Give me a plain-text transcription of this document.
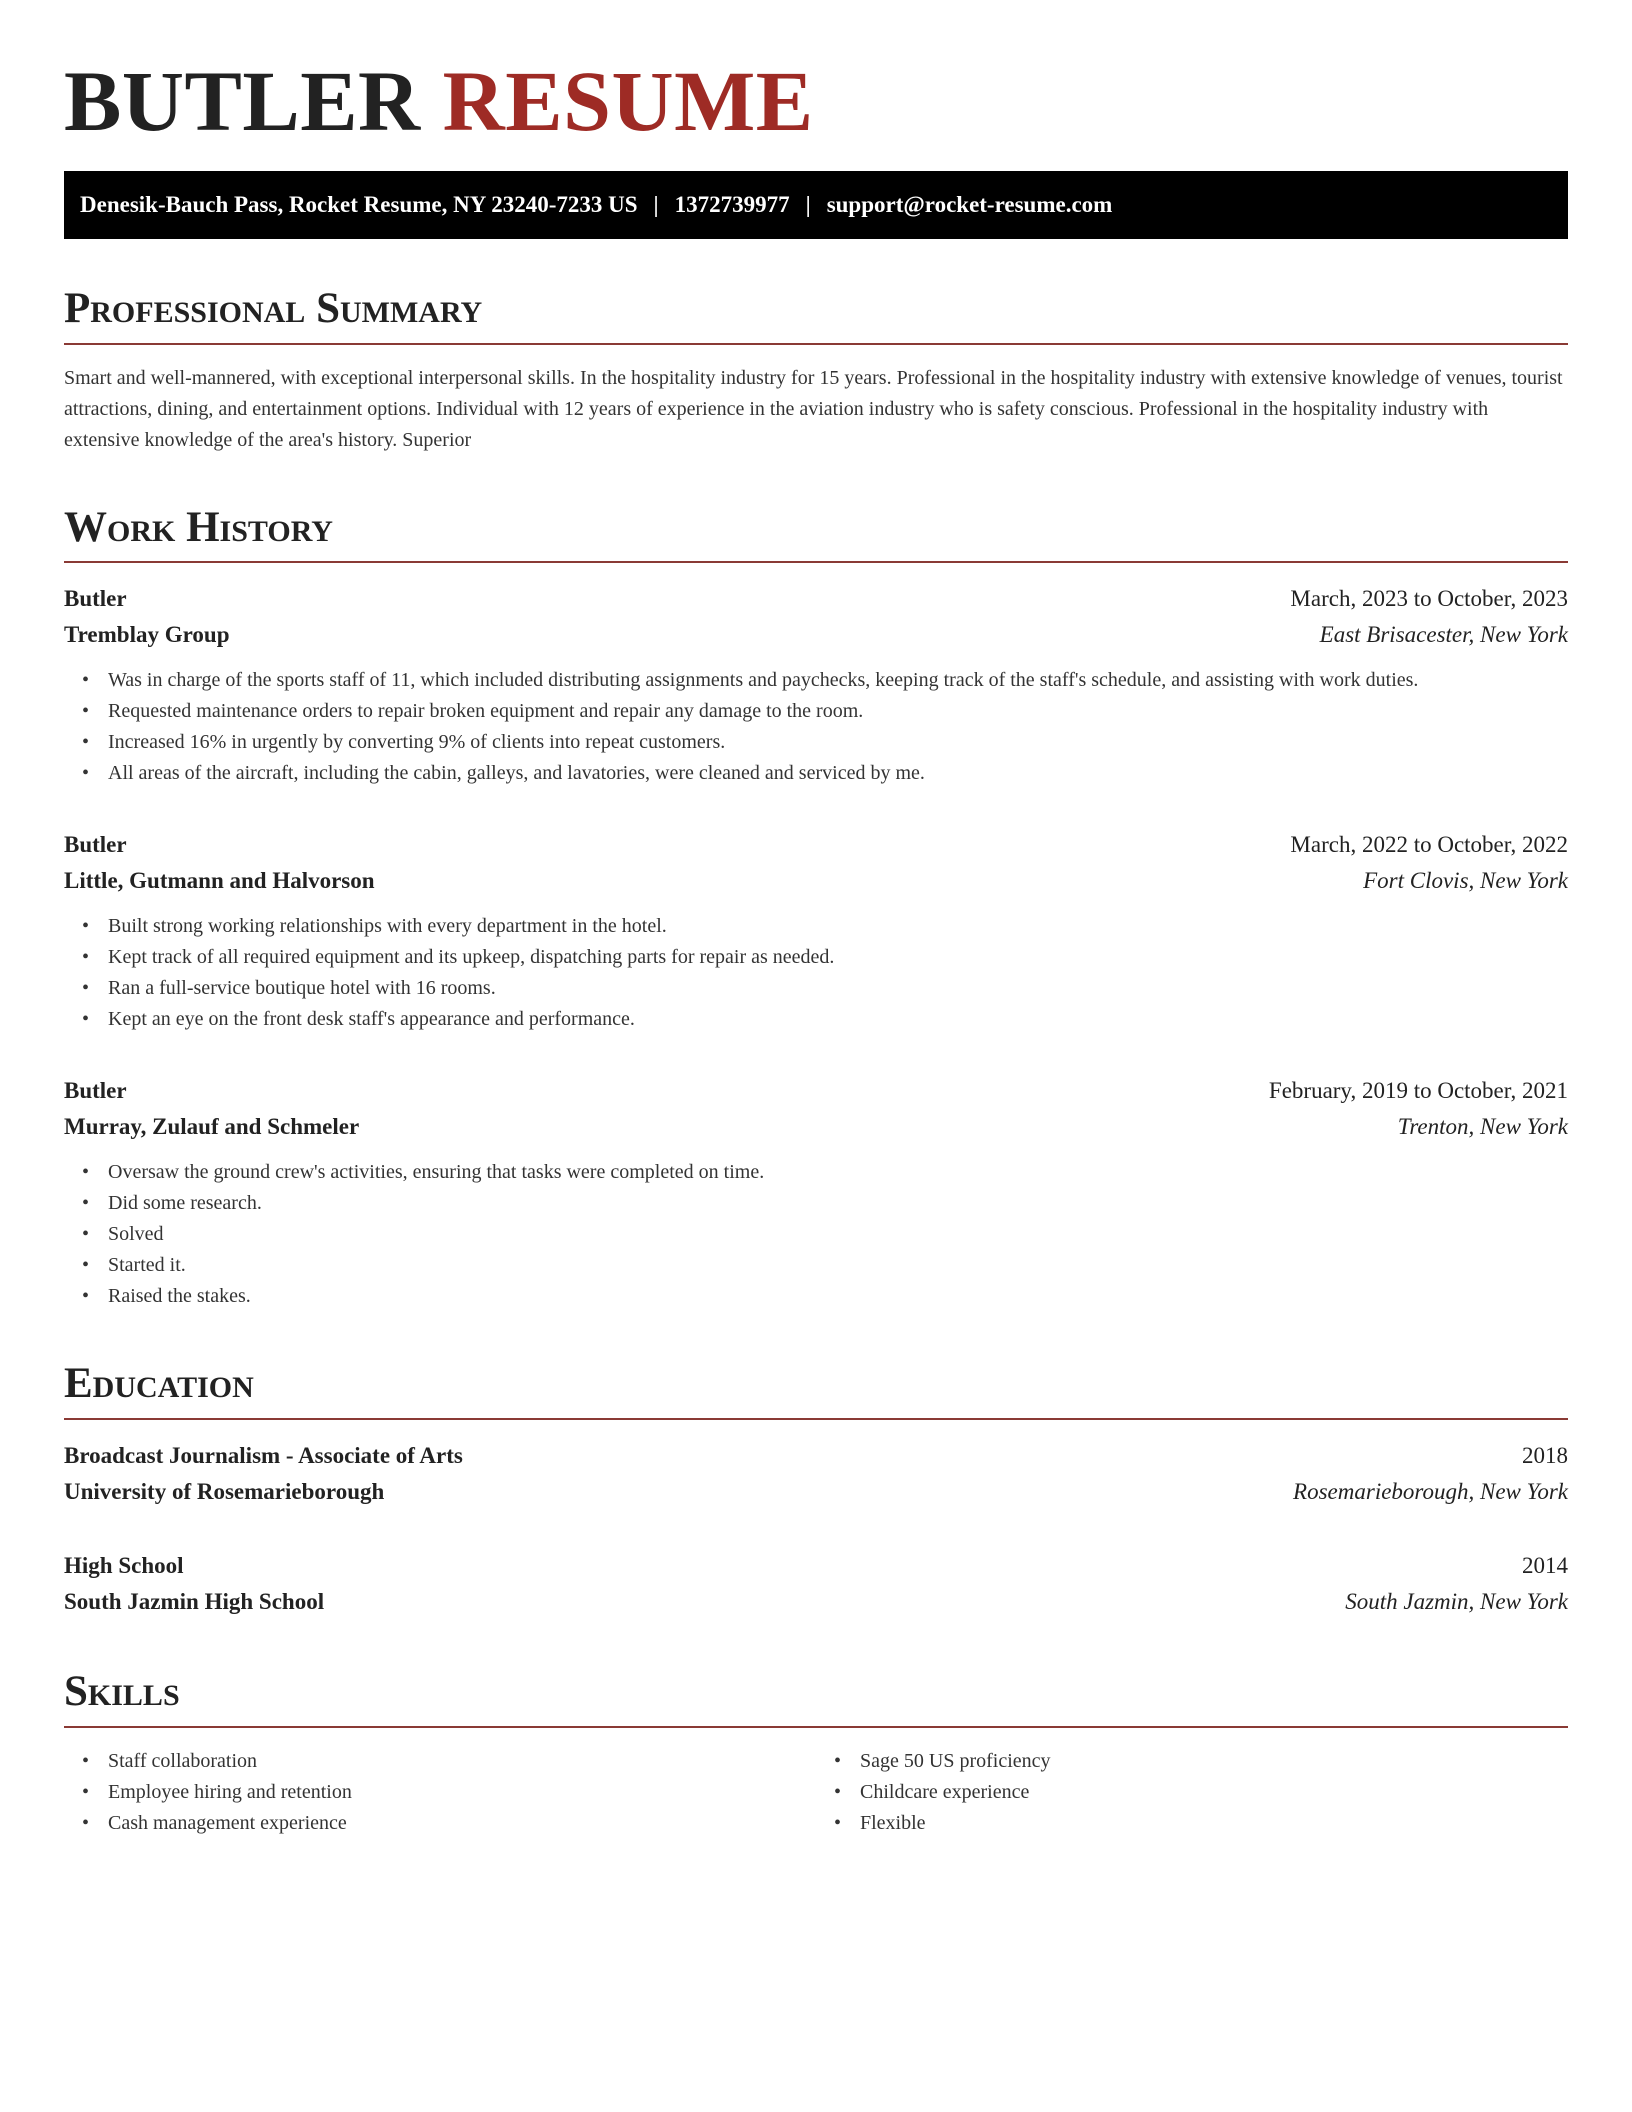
BUTLER RESUME
Denesik-Bauch Pass, Rocket Resume, NY 23240-7233 US | 1372739977 | support@rocket-resume.com
Professional Summary

Smart and well-mannered, with exceptional interpersonal skills. In the hospitality industry for 15 years. Professional in the hospitality industry with extensive knowledge of venues, tourist attractions, dining, and entertainment options. Individual with 12 years of experience in the aviation industry who is safety conscious. Professional in the hospitality industry with extensive knowledge of the area's history. Superior

Work History
Butler	March, 2023 to October, 2023
Tremblay Group	East Brisacester, New York
• Was in charge of the sports staff of 11, which included distributing assignments and paychecks, keeping track of the staff's schedule, and assisting with work duties.
• Requested maintenance orders to repair broken equipment and repair any damage to the room.
• Increased 16% in urgently by converting 9% of clients into repeat customers.
• All areas of the aircraft, including the cabin, galleys, and lavatories, were cleaned and serviced by me.
Butler	March, 2022 to October, 2022
Little, Gutmann and Halvorson	Fort Clovis, New York
• Built strong working relationships with every department in the hotel.
• Kept track of all required equipment and its upkeep, dispatching parts for repair as needed.
• Ran a full-service boutique hotel with 16 rooms.
• Kept an eye on the front desk staff's appearance and performance.
Butler	February, 2019 to October, 2021
Murray, Zulauf and Schmeler	Trenton, New York
• Oversaw the ground crew's activities, ensuring that tasks were completed on time.
• Did some research.
• Solved
• Started it.
• Raised the stakes.
Education
Broadcast Journalism - Associate of Arts	2018
University of Rosemarieborough	Rosemarieborough, New York
High School	2014
South Jazmin High School	South Jazmin, New York
Skills
• Staff collaboration
• Employee hiring and retention
• Cash management experience
• Sage 50 US proficiency
• Childcare experience
• Flexible
